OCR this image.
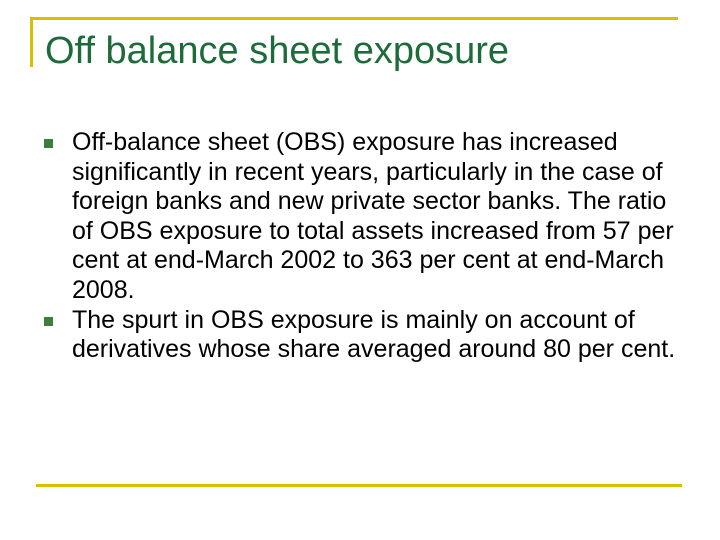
Off balance sheet exposure
Off-balance sheet (OBS) exposure has increased significantly in recent years, particularly in the case of foreign banks and new private sector banks. The ratio of OBS exposure to total assets increased from 57 per cent at end-March 2002 to 363 per cent at end-March 2008.
The spurt in OBS exposure is mainly on account of derivatives whose share averaged around 80 per cent.
